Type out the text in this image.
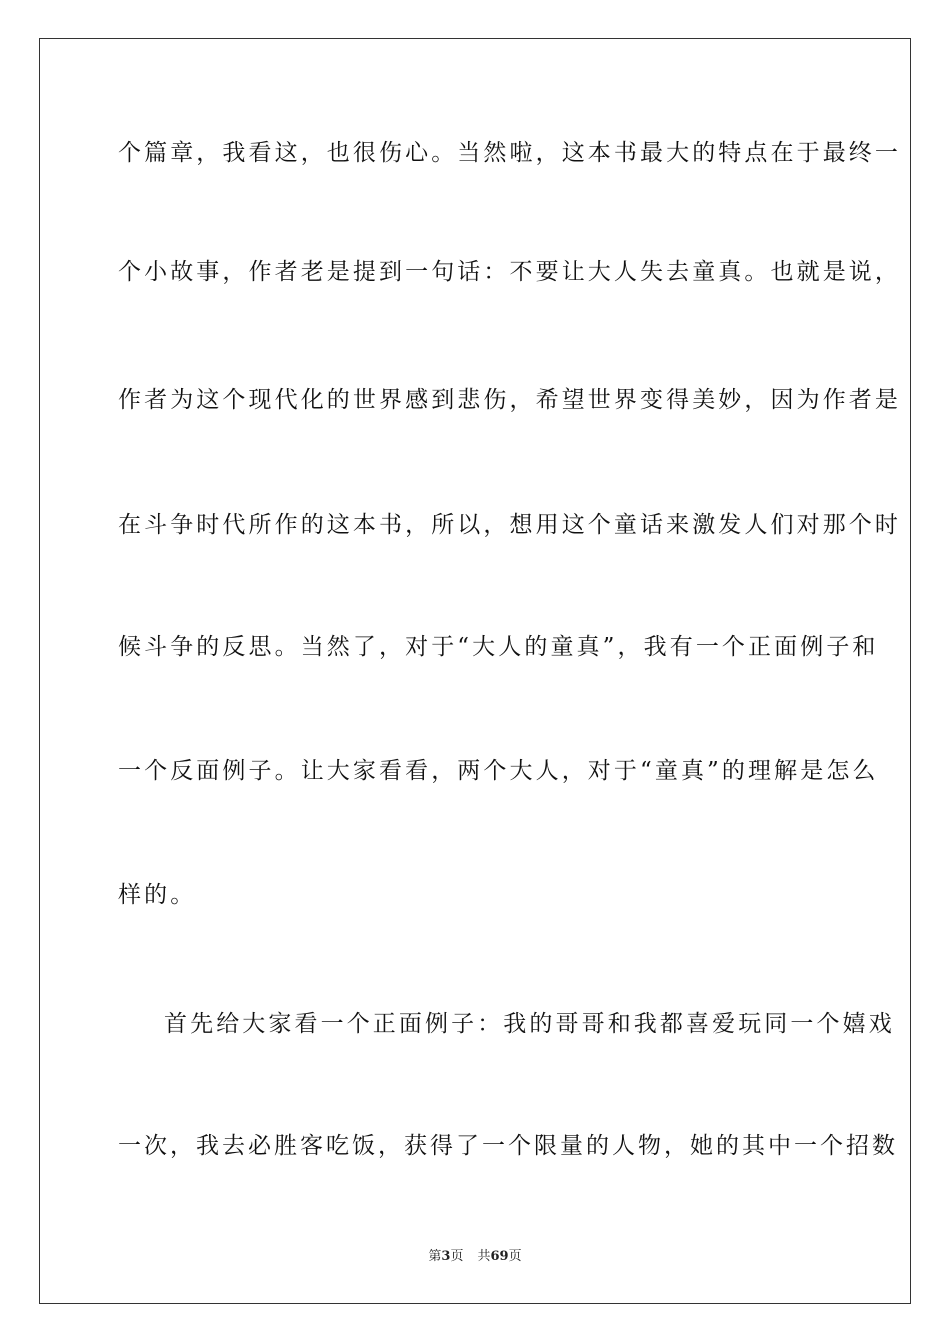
个篇章，我看这，也很伤心。当然啦，这本书最大的特点在于最终一
个小故事，作者老是提到一句话：不要让大人失去童真。也就是说，
作者为这个现代化的世界感到悲伤，希望世界变得美妙，因为作者是
在斗争时代所作的这本书，所以，想用这个童话来激发人们对那个时
候斗争的反思。当然了，对于“大人的童真”，我有一个正面例子和
一个反面例子。让大家看看，两个大人，对于“童真”的理解是怎么
样的。
首先给大家看一个正面例子：我的哥哥和我都喜爱玩同一个嬉戏
一次，我去必胜客吃饭，获得了一个限量的人物，她的其中一个招数
第3页 共69页
